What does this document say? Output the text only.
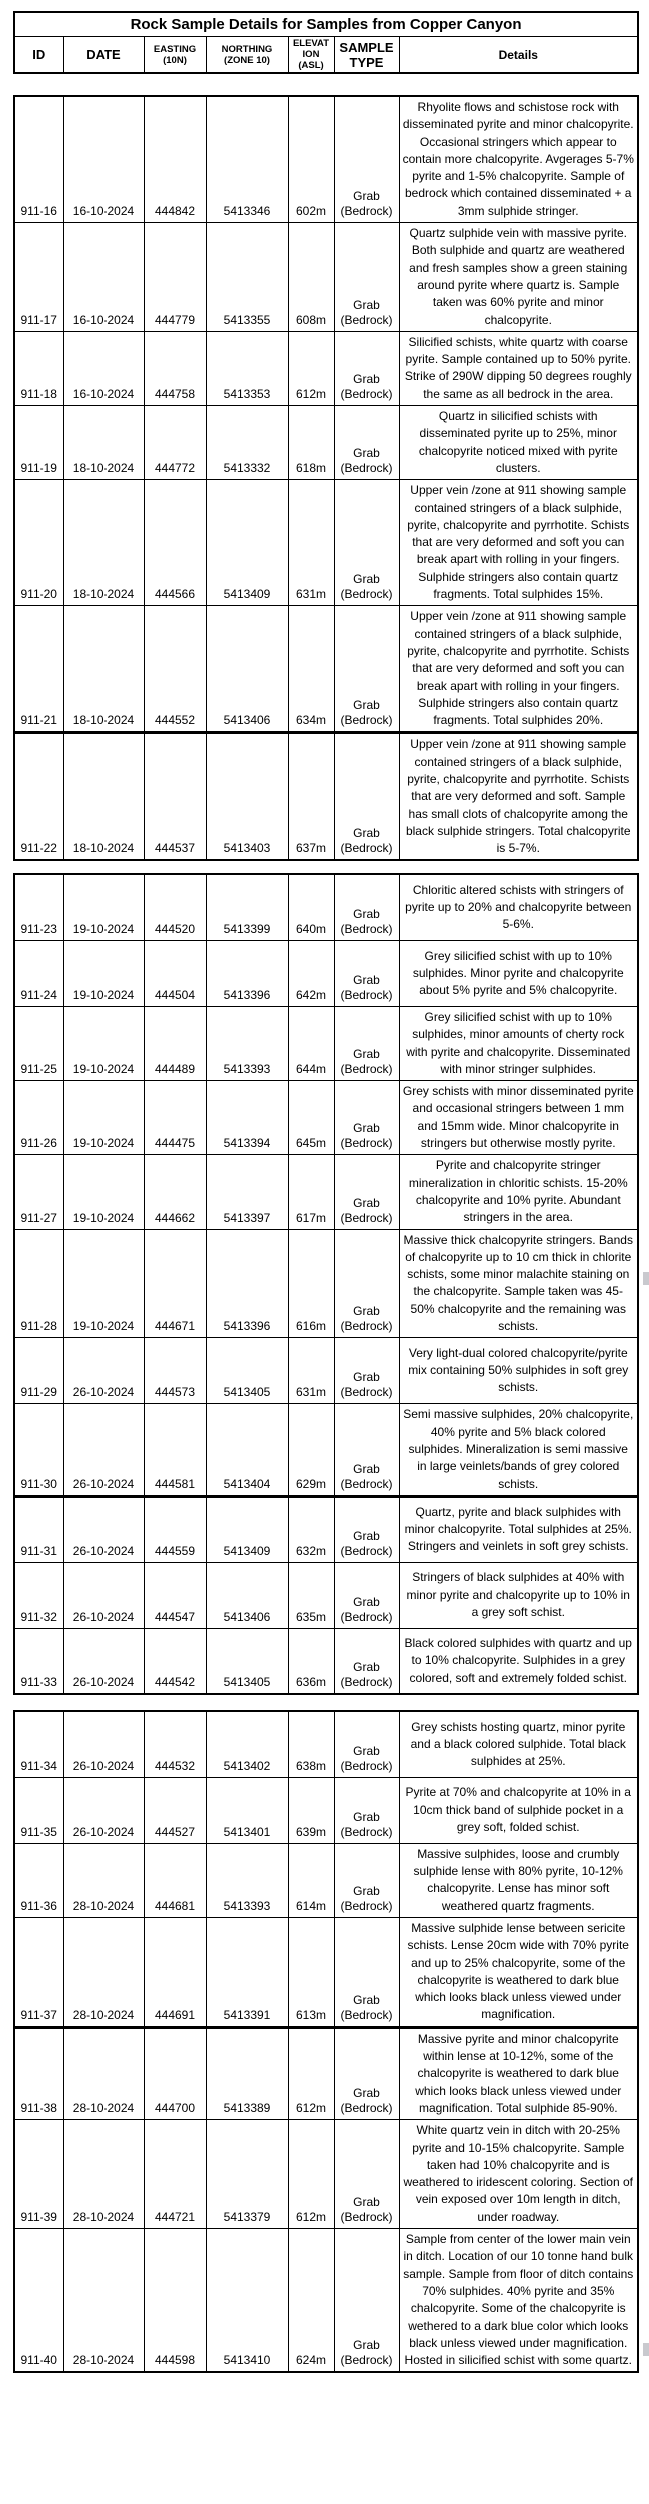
Rock Sample Details for Samples from Copper Canyon
ID	DATE	EASTING (10N)	NORTHING (ZONE 10)	ELEVAT ION (ASL)	SAMPLE TYPE	Details
911-16	16-10-2024	444842	5413346	602m	Grab (Bedrock)	Rhyolite flows and schistose rock with disseminated pyrite and minor chalcopyrite. Occasional stringers which appear to contain more chalcopyrite. Avgerages 5-7% pyrite and 1-5% chalcopyrite. Sample of bedrock which contained disseminated + a 3mm sulphide stringer.
911-17	16-10-2024	444779	5413355	608m	Grab (Bedrock)	Quartz sulphide vein with massive pyrite. Both sulphide and quartz are weathered and fresh samples show a green staining around pyrite where quartz is. Sample taken was 60% pyrite and minor chalcopyrite.
911-18	16-10-2024	444758	5413353	612m	Grab (Bedrock)	Silicified schists, white quartz with coarse pyrite. Sample contained up to 50% pyrite. Strike of 290W dipping 50 degrees roughly the same as all bedrock in the area.
911-19	18-10-2024	444772	5413332	618m	Grab (Bedrock)	Quartz in silicified schists with disseminated pyrite up to 25%, minor chalcopyrite noticed mixed with pyrite clusters.
911-20	18-10-2024	444566	5413409	631m	Grab (Bedrock)	Upper vein /zone at 911 showing sample contained stringers of a black sulphide, pyrite, chalcopyrite and pyrrhotite. Schists that are very deformed and soft you can break apart with rolling in your fingers. Sulphide stringers also contain quartz fragments. Total sulphides 15%.
911-21	18-10-2024	444552	5413406	634m	Grab (Bedrock)	Upper vein /zone at 911 showing sample contained stringers of a black sulphide, pyrite, chalcopyrite and pyrrhotite. Schists that are very deformed and soft you can break apart with rolling in your fingers. Sulphide stringers also contain quartz fragments. Total sulphides 20%.
911-22	18-10-2024	444537	5413403	637m	Grab (Bedrock)	Upper vein /zone at 911 showing sample contained stringers of a black sulphide, pyrite, chalcopyrite and pyrrhotite. Schists that are very deformed and soft. Sample has small clots of chalcopyrite among the black sulphide stringers. Total chalcopyrite is 5-7%.
911-23	19-10-2024	444520	5413399	640m	Grab (Bedrock)	Chloritic altered schists with stringers of pyrite up to 20% and chalcopyrite between 5-6%.
911-24	19-10-2024	444504	5413396	642m	Grab (Bedrock)	Grey silicified schist with up to 10% sulphides. Minor pyrite and chalcopyrite about 5% pyrite and 5% chalcopyrite.
911-25	19-10-2024	444489	5413393	644m	Grab (Bedrock)	Grey silicified schist with up to 10% sulphides, minor amounts of cherty rock with pyrite and chalcopyrite. Disseminated with minor stringer sulphides.
911-26	19-10-2024	444475	5413394	645m	Grab (Bedrock)	Grey schists with minor disseminated pyrite and occasional stringers between 1 mm and 15mm wide. Minor chalcopyrite in stringers but otherwise mostly pyrite.
911-27	19-10-2024	444662	5413397	617m	Grab (Bedrock)	Pyrite and chalcopyrite stringer mineralization in chloritic schists. 15-20% chalcopyrite and 10% pyrite. Abundant stringers in the area.
911-28	19-10-2024	444671	5413396	616m	Grab (Bedrock)	Massive thick chalcopyrite stringers. Bands of chalcopyrite up to 10 cm thick in chlorite schists, some minor malachite staining on the chalcopyrite. Sample taken was 45-50% chalcopyrite and the remaining was schists.
911-29	26-10-2024	444573	5413405	631m	Grab (Bedrock)	Very light-dual colored chalcopyrite/pyrite mix containing 50% sulphides in soft grey schists.
911-30	26-10-2024	444581	5413404	629m	Grab (Bedrock)	Semi massive sulphides, 20% chalcopyrite, 40% pyrite and 5% black colored sulphides. Mineralization is semi massive in large veinlets/bands of grey colored schists.
911-31	26-10-2024	444559	5413409	632m	Grab (Bedrock)	Quartz, pyrite and black sulphides with minor chalcopyrite. Total sulphides at 25%. Stringers and veinlets in soft grey schists.
911-32	26-10-2024	444547	5413406	635m	Grab (Bedrock)	Stringers of black sulphides at 40% with minor pyrite and chalcopyrite up to 10% in a grey soft schist.
911-33	26-10-2024	444542	5413405	636m	Grab (Bedrock)	Black colored sulphides with quartz and up to 10% chalcopyrite. Sulphides in a grey colored, soft and extremely folded schist.
911-34	26-10-2024	444532	5413402	638m	Grab (Bedrock)	Grey schists hosting quartz, minor pyrite and a black colored sulphide. Total black sulphides at 25%.
911-35	26-10-2024	444527	5413401	639m	Grab (Bedrock)	Pyrite at 70% and chalcopyrite at 10% in a 10cm thick band of sulphide pocket in a grey soft, folded schist.
911-36	28-10-2024	444681	5413393	614m	Grab (Bedrock)	Massive sulphides, loose and crumbly sulphide lense with 80% pyrite, 10-12% chalcopyrite. Lense has minor soft weathered quartz fragments.
911-37	28-10-2024	444691	5413391	613m	Grab (Bedrock)	Massive sulphide lense between sericite schists. Lense 20cm wide with 70% pyrite and up to 25% chalcopyrite, some of the chalcopyrite is weathered to dark blue which looks black unless viewed under magnification.
911-38	28-10-2024	444700	5413389	612m	Grab (Bedrock)	Massive pyrite and minor chalcopyrite within lense at 10-12%, some of the chalcopyrite is weathered to dark blue which looks black unless viewed under magnification. Total sulphide 85-90%.
911-39	28-10-2024	444721	5413379	612m	Grab (Bedrock)	White quartz vein in ditch with 20-25% pyrite and 10-15% chalcopyrite. Sample taken had 10% chalcopyrite and is weathered to iridescent coloring. Section of vein exposed over 10m length in ditch, under roadway.
911-40	28-10-2024	444598	5413410	624m	Grab (Bedrock)	Sample from center of the lower main vein in ditch. Location of our 10 tonne hand bulk sample. Sample from floor of ditch contains 70% sulphides. 40% pyrite and 35% chalcopyrite. Some of the chalcopyrite is wethered to a dark blue color which looks black unless viewed under magnification. Hosted in silicified schist with some quartz.
